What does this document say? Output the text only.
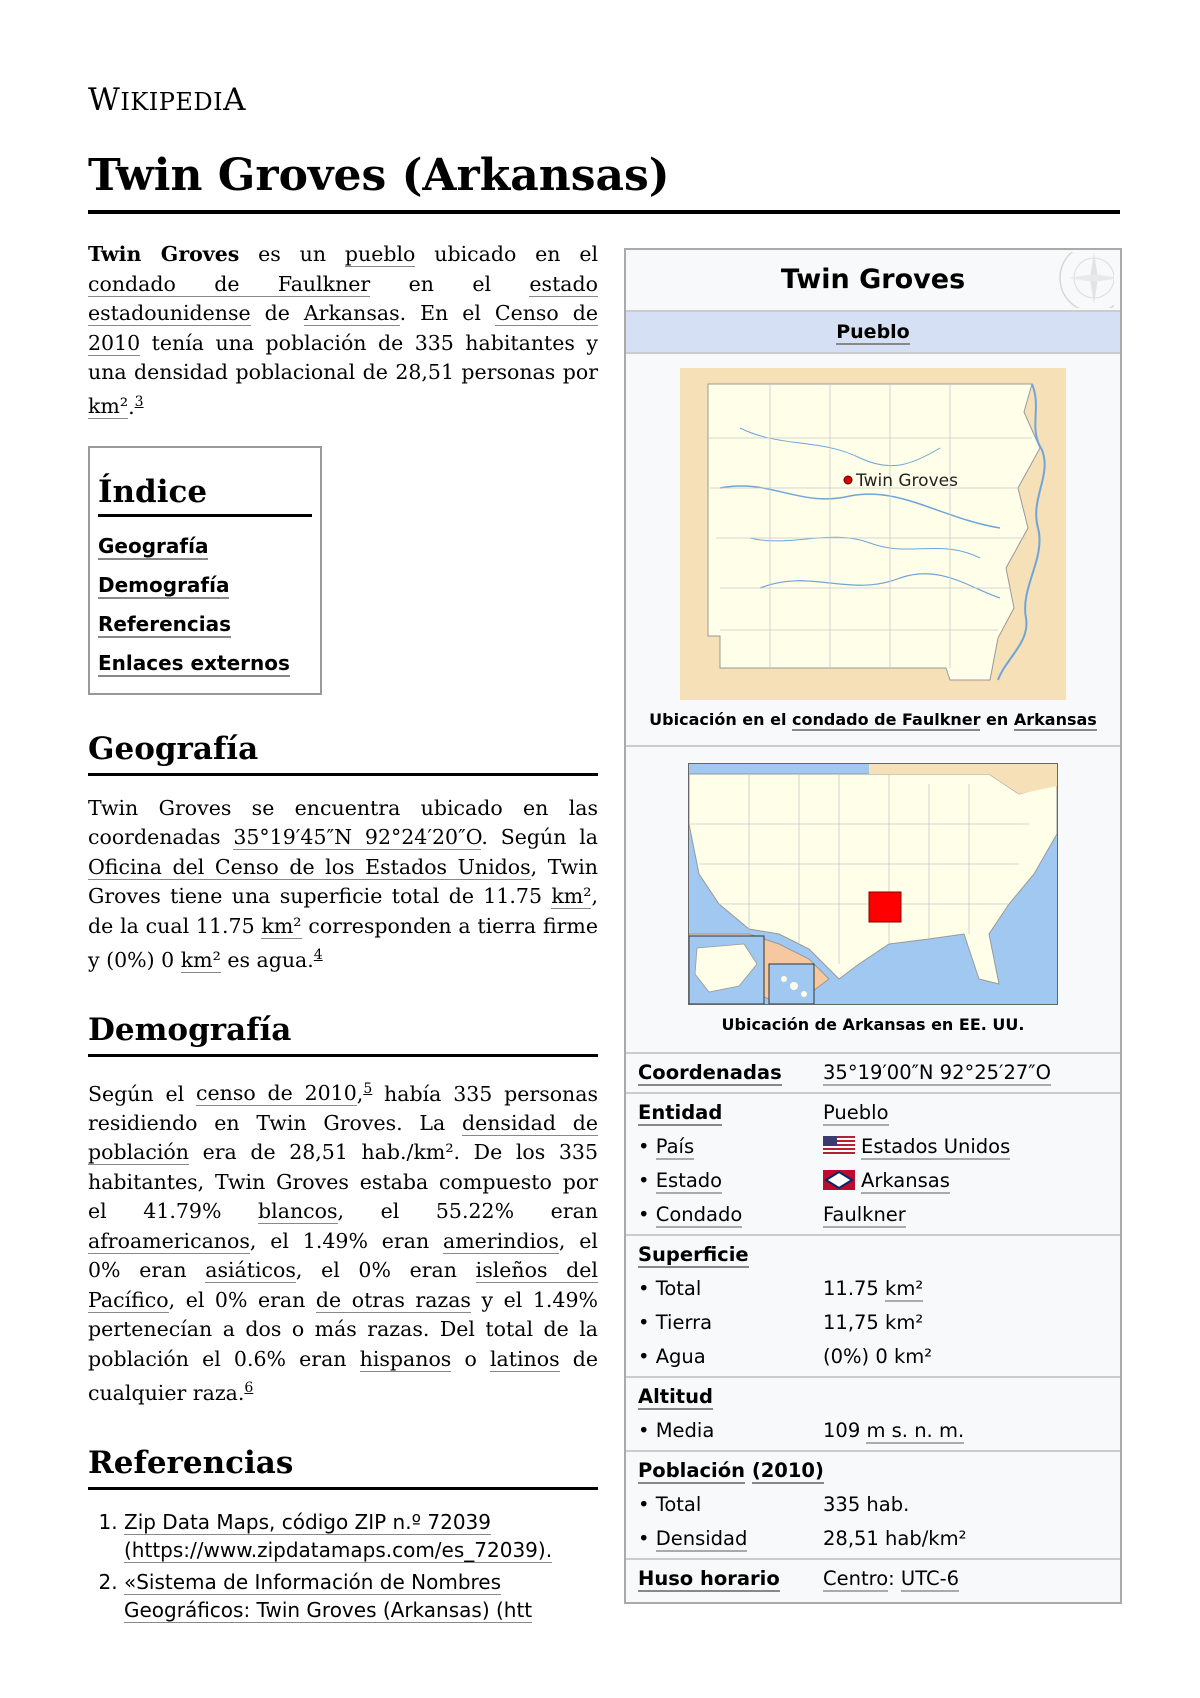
WIKIPEDIA
Twin Groves (Arkansas)

Twin Groves es un pueblo ubicado en el condado de Faulkner en el estado estadounidense de Arkansas. En el Censo de 2010 tenía una población de 335 habitantes y una densidad poblacional de 28,51 personas por km².$^3$

Índice
Geografía
Demografía
Referencias
Enlaces externos
Geografía

Twin Groves se encuentra ubicado en las coordenadas 35°19′45″N 92°24′20″O. Según la Oficina del Censo de los Estados Unidos, Twin Groves tiene una superficie total de 11.75 km², de la cual 11.75 km² corresponden a tierra firme y (0%) 0 km² es agua.$^4$

Demografía

Según el censo de 2010,$^5$ había 335 personas residiendo en Twin Groves. La densidad de población era de 28,51 hab./km². De los 335 habitantes, Twin Groves estaba compuesto por el 41.79% blancos, el 55.22% eran afroamericanos, el 1.49% eran amerindios, el 0% eran asiáticos, el 0% eran isleños del Pacífico, el 0% eran de otras razas y el 1.49% pertenecían a dos o más razas. Del total de la población el 0.6% eran hispanos o latinos de cualquier raza.$^6$

Referencias
1. Zip Data Maps, código ZIP n.º 72039 (https://www.zipdatamaps.com/es_72039).
2. «Sistema de Información de Nombres Geográficos: Twin Groves (Arkansas) (htt
Twin Groves
Pueblo
Twin Groves
Ubicación en el condado de Faulkner en Arkansas
Ubicación de Arkansas en EE. UU.
Coordenadas	35°19′00″N 92°25′27″O
Entidad	Pueblo
• País	Estados Unidos
• Estado	Arkansas
• Condado	Faulkner
Superficie
• Total	11.75 km²
• Tierra	11,75 km²
• Agua	(0%) 0 km²
Altitud
• Media	109 m s. n. m.
Población (2010)
• Total	335 hab.
• Densidad	28,51 hab/km²
Huso horario	Centro: UTC-6
